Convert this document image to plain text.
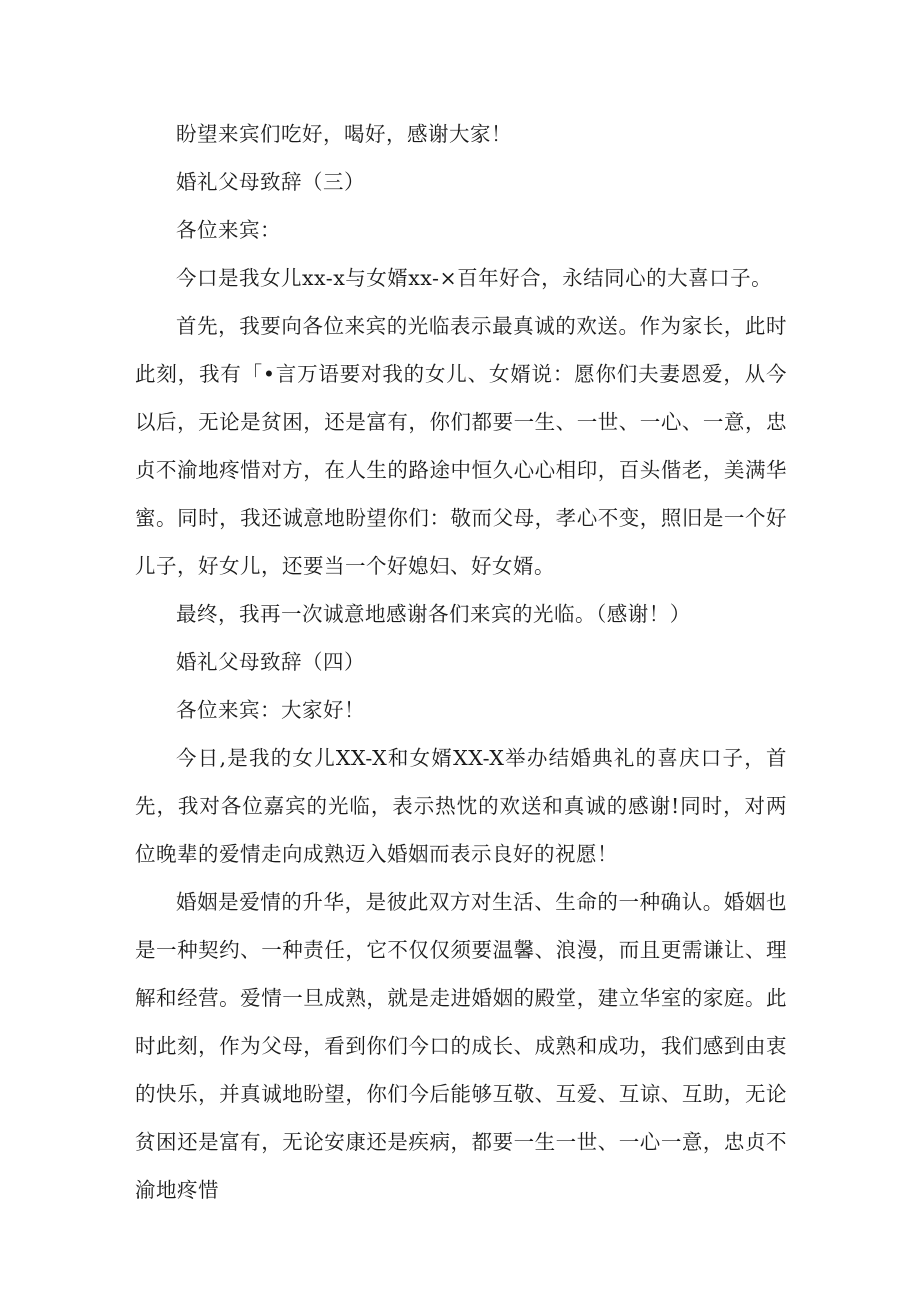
盼望来宾们吃好，喝好，感谢大家！

婚礼父母致辞（三）

各位来宾：

今口是我女儿xx-x与女婿xx-×百年好合，永结同心的大喜口子。

首先，我要向各位来宾的光临表示最真诚的欢送。作为家长，此时此刻，我有「•言万语要对我的女儿、女婿说：愿你们夫妻恩爱，从今以后，无论是贫困，还是富有，你们都要一生、一世、一心、一意，忠贞不渝地疼惜对方，在人生的路途中恒久心心相印，百头偕老，美满华蜜。同时，我还诚意地盼望你们：敬而父母，孝心不变，照旧是一个好儿子，好女儿，还要当一个好媳妇、好女婿。

最终，我再一次诚意地感谢各们来宾的光临。（感谢！）

婚礼父母致辞（四）

各位来宾：大家好！

今日,是我的女儿XX-X和女婿XX-X举办结婚典礼的喜庆口子，首先，我对各位嘉宾的光临，表示热忱的欢送和真诚的感谢!同时，对两位晚辈的爱情走向成熟迈入婚姻而表示良好的祝愿！

婚姻是爱情的升华，是彼此双方对生活、生命的一种确认。婚姻也是一种契约、一种责任，它不仅仅须要温馨、浪漫，而且更需谦让、理解和经营。爱情一旦成熟，就是走进婚姻的殿堂，建立华室的家庭。此时此刻，作为父母，看到你们今口的成长、成熟和成功，我们感到由衷的快乐，并真诚地盼望，你们今后能够互敬、互爱、互谅、互助，无论贫困还是富有，无论安康还是疾病，都要一生一世、一心一意，忠贞不渝地疼惜
